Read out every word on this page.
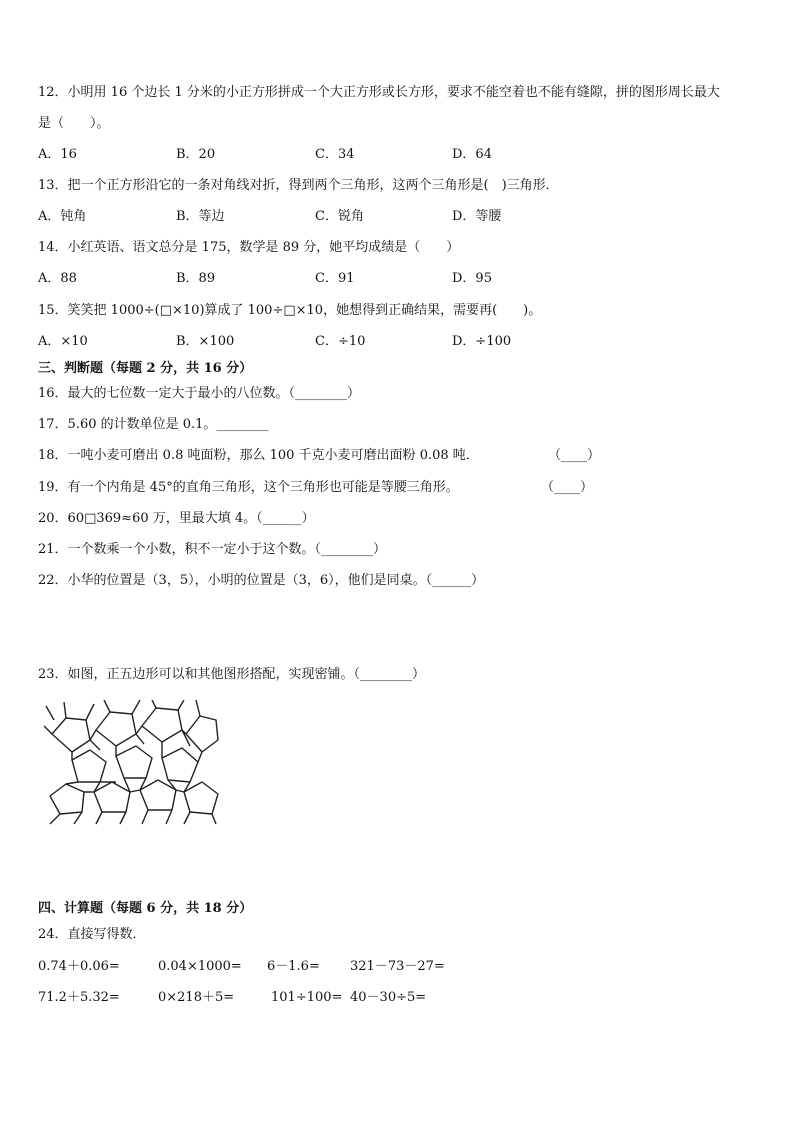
12．小明用 16 个边长 1 分米的小正方形拼成一个大正方形或长方形，要求不能空着也不能有缝隙，拼的图形周长最大
是（　　）。
A．16	B．20	C．34	D．64
13．把一个正方形沿它的一条对角线对折，得到两个三角形，这两个三角形是(　)三角形．
A．钝角	B．等边	C．锐角	D．等腰
14．小红英语、语文总分是 175，数学是 89 分，她平均成绩是（　　）
A．88	B．89	C．91	D．95
15．笑笑把 1000÷(□×10)算成了 100÷□×10，她想得到正确结果，需要再(　　)。
A．×10	B．×100	C．÷10	D．÷100
三、判断题（每题 2 分，共 16 分）
16．最大的七位数一定大于最小的八位数。（________）
17．5.60 的计数单位是 0.1。________
18．一吨小麦可磨出 0.8 吨面粉，那么 100 千克小麦可磨出面粉 0.08 吨．	（____）
19．有一个内角是 45°的直角三角形，这个三角形也可能是等腰三角形。	（____）
20．60□369≈60 万，里最大填 4。（______）
21．一个数乘一个小数，积不一定小于这个数。（________）
22．小华的位置是（3，5），小明的位置是（3，6），他们是同桌。（______）
23．如图，正五边形可以和其他图形搭配，实现密铺。（________）
四、计算题（每题 6 分，共 18 分）
24．直接写得数．
0.74＋0.06=	0.04×1000= 6－1.6= 321－73－27=
71.2＋5.32=	0×218＋5=	101÷100= 40－30÷5=
